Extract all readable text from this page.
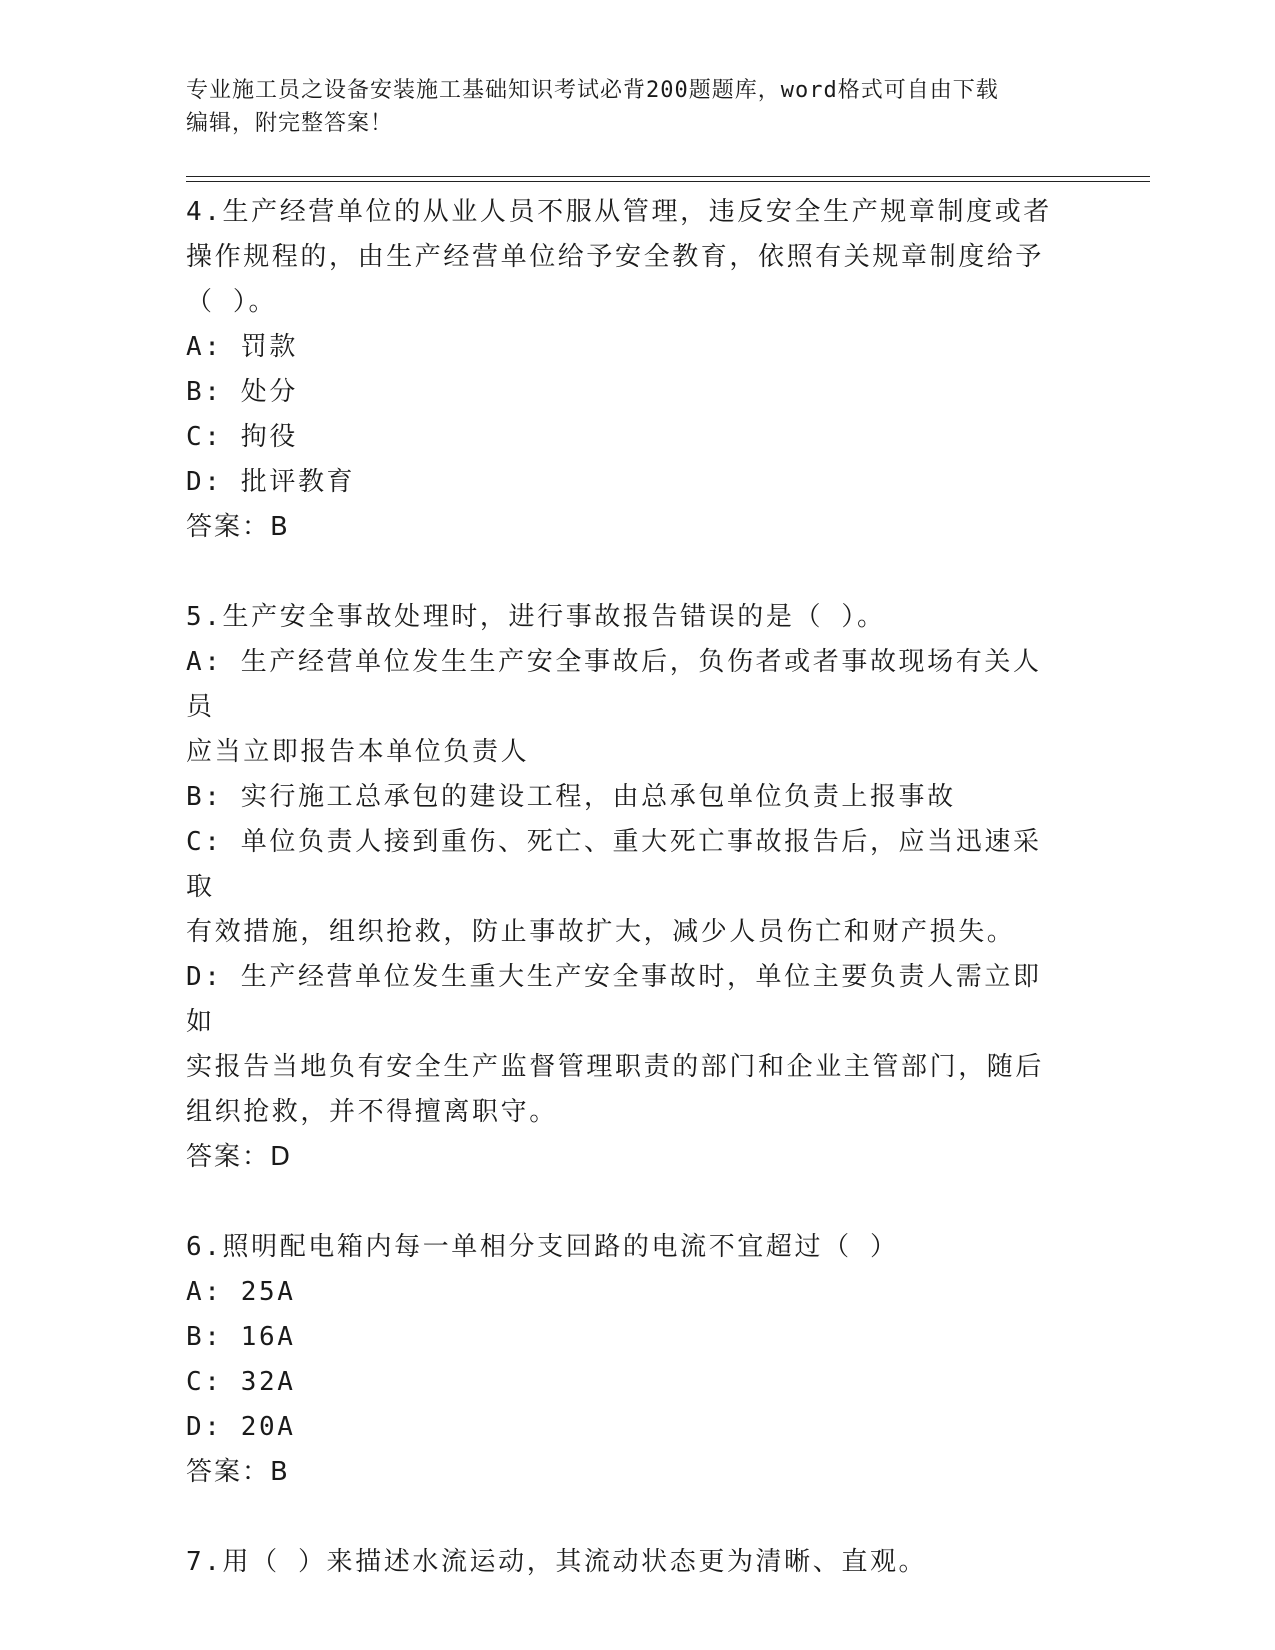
专业施工员之设备安装施工基础知识考试必背200题题库，word格式可自由下载
编辑，附完整答案！
4.生产经营单位的从业人员不服从管理，违反安全生产规章制度或者
操作规程的，由生产经营单位给予安全教育，依照有关规章制度给予
（ ）。
A: 罚款
B: 处分
C: 拘役
D: 批评教育
答案：B
5.生产安全事故处理时，进行事故报告错误的是（ ）。
A: 生产经营单位发生生产安全事故后，负伤者或者事故现场有关人员
应当立即报告本单位负责人
B: 实行施工总承包的建设工程，由总承包单位负责上报事故
C: 单位负责人接到重伤、死亡、重大死亡事故报告后，应当迅速采取
有效措施，组织抢救，防止事故扩大，减少人员伤亡和财产损失。
D: 生产经营单位发生重大生产安全事故时，单位主要负责人需立即如
实报告当地负有安全生产监督管理职责的部门和企业主管部门，随后
组织抢救，并不得擅离职守。
答案：D
6.照明配电箱内每一单相分支回路的电流不宜超过（ ）
A: 25A
B: 16A
C: 32A
D: 20A
答案：B
7.用（ ）来描述水流运动，其流动状态更为清晰、直观。
